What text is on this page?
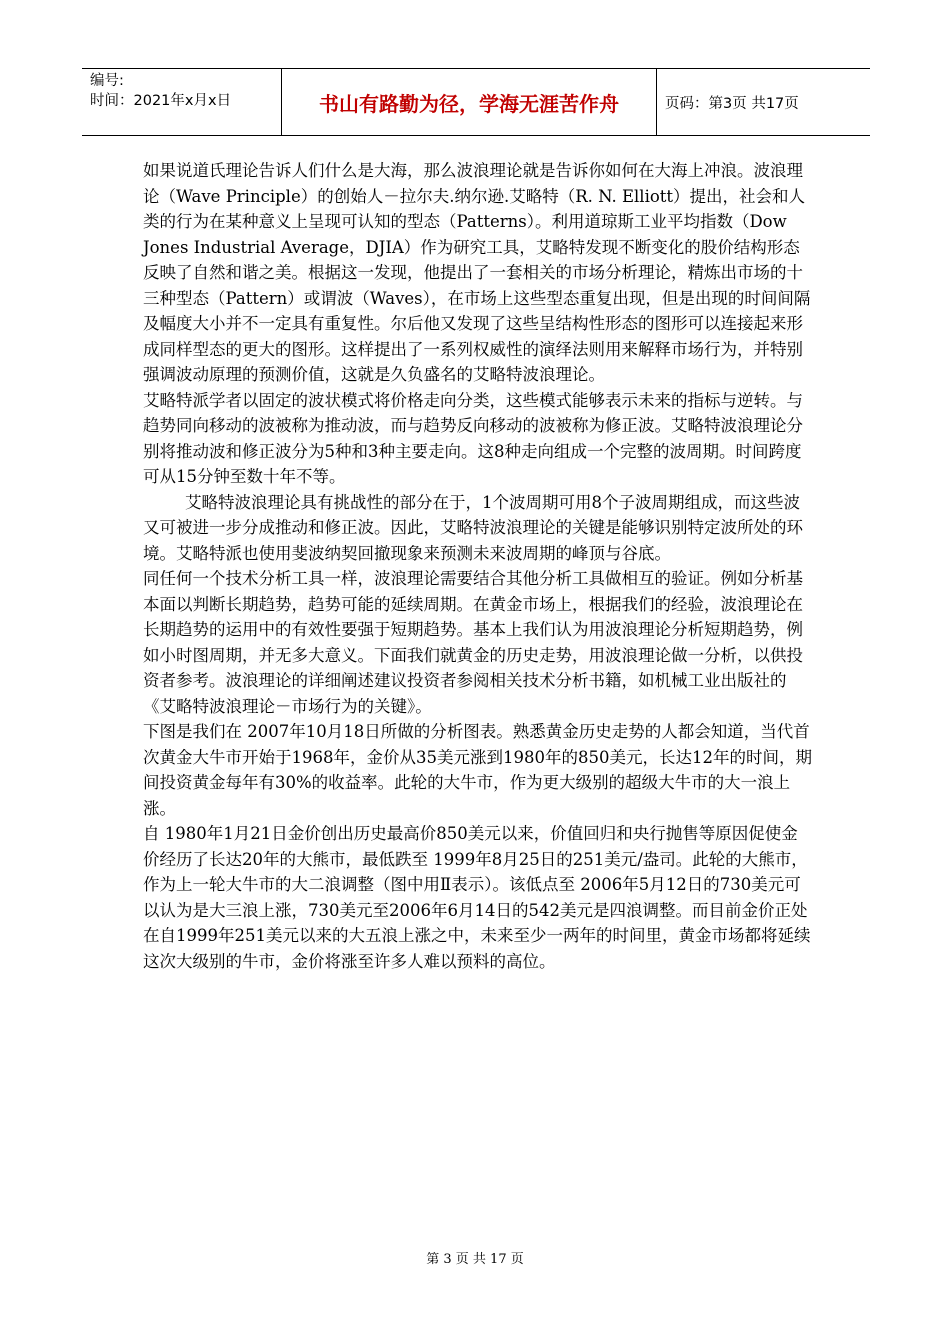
编号:
时间：2021年x月x日	书山有路勤为径，学海无涯苦作舟	页码：第3页 共17页

如果说道氏理论告诉人们什么是大海，那么波浪理论就是告诉你如何在大海上冲浪。波浪理论（Wave Principle）的创始人－拉尔夫.纳尔逊.艾略特（R. N. Elliott）提出，社会和人类的行为在某种意义上呈现可认知的型态（Patterns）。利用道琼斯工业平均指数（Dow Jones Industrial Average，DJIA）作为研究工具，艾略特发现不断变化的股价结构形态反映了自然和谐之美。根据这一发现，他提出了一套相关的市场分析理论，精炼出市场的十三种型态（Pattern）或谓波（Waves），在市场上这些型态重复出现，但是出现的时间间隔及幅度大小并不一定具有重复性。尔后他又发现了这些呈结构性形态的图形可以连接起来形成同样型态的更大的图形。这样提出了一系列权威性的演绎法则用来解释市场行为，并特别强调波动原理的预测价值，这就是久负盛名的艾略特波浪理论。

艾略特派学者以固定的波状模式将价格走向分类，这些模式能够表示未来的指标与逆转。与趋势同向移动的波被称为推动波，而与趋势反向移动的波被称为修正波。艾略特波浪理论分别将推动波和修正波分为5种和3种主要走向。这8种走向组成一个完整的波周期。时间跨度可从15分钟至数十年不等。

艾略特波浪理论具有挑战性的部分在于，1个波周期可用8个子波周期组成，而这些波又可被进一步分成推动和修正波。因此，艾略特波浪理论的关键是能够识别特定波所处的环境。艾略特派也使用斐波纳契回撤现象来预测未来波周期的峰顶与谷底。

同任何一个技术分析工具一样，波浪理论需要结合其他分析工具做相互的验证。例如分析基本面以判断长期趋势，趋势可能的延续周期。在黄金市场上，根据我们的经验，波浪理论在长期趋势的运用中的有效性要强于短期趋势。基本上我们认为用波浪理论分析短期趋势，例如小时图周期，并无多大意义。下面我们就黄金的历史走势，用波浪理论做一分析，以供投资者参考。波浪理论的详细阐述建议投资者参阅相关技术分析书籍，如机械工业出版社的《艾略特波浪理论－市场行为的关键》。

下图是我们在 2007年10月18日所做的分析图表。熟悉黄金历史走势的人都会知道，当代首次黄金大牛市开始于1968年，金价从35美元涨到1980年的850美元，长达12年的时间，期间投资黄金每年有30%的收益率。此轮的大牛市，作为更大级别的超级大牛市的大一浪上涨。

自 1980年1月21日金价创出历史最高价850美元以来，价值回归和央行抛售等原因促使金价经历了长达20年的大熊市，最低跌至 1999年8月25日的251美元/盎司。此轮的大熊市，作为上一轮大牛市的大二浪调整（图中用Ⅱ表示）。该低点至 2006年5月12日的730美元可以认为是大三浪上涨，730美元至2006年6月14日的542美元是四浪调整。而目前金价正处在自1999年251美元以来的大五浪上涨之中，未来至少一两年的时间里，黄金市场都将延续这次大级别的牛市，金价将涨至许多人难以预料的高位。

第 3 页 共 17 页
